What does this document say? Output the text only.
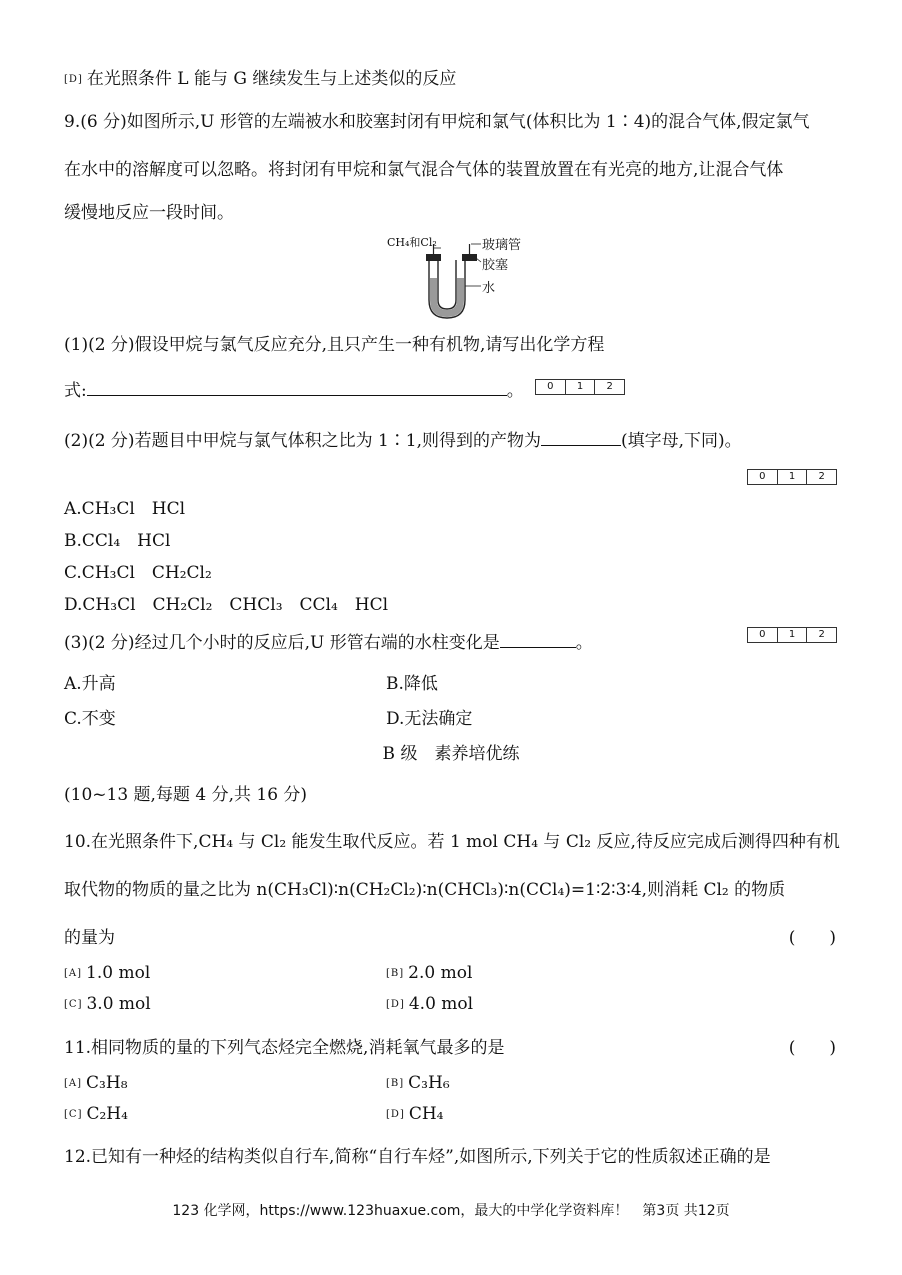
[D] 在光照条件 L 能与 G 继续发生与上述类似的反应
9.(6 分)如图所示,U 形管的左端被水和胶塞封闭有甲烷和氯气(体积比为 1∶4)的混合气体,假定氯气
在水中的溶解度可以忽略。将封闭有甲烷和氯气混合气体的装置放置在有光亮的地方,让混合气体
缓慢地反应一段时间。
CH₄和Cl₂	玻璃管
胶塞
水
(1)(2 分)假设甲烷与氯气反应充分,且只产生一种有机物,请写出化学方程
式:	。	0	1	2
(2)(2 分)若题目中甲烷与氯气体积之比为 1∶1,则得到的产物为	(填字母,下同)。
0	1	2
A.CH₃Cl　HCl
B.CCl₄　HCl
C.CH₃Cl　CH₂Cl₂
D.CH₃Cl　CH₂Cl₂　CHCl₃　CCl₄　HCl
(3)(2 分)经过几个小时的反应后,U 形管右端的水柱变化是	。	0	1	2
A.升高	B.降低
C.不变	D.无法确定
B 级　素养培优练
(10~13 题,每题 4 分,共 16 分)
10.在光照条件下,CH₄ 与 Cl₂ 能发生取代反应。若 1 mol CH₄ 与 Cl₂ 反应,待反应完成后测得四种有机
取代物的物质的量之比为 n(CH₃Cl)∶n(CH₂Cl₂)∶n(CHCl₃)∶n(CCl₄)=1∶2∶3∶4,则消耗 Cl₂ 的物质
的量为	(　　)
[A] 1.0 mol	[B] 2.0 mol
[C] 3.0 mol	[D] 4.0 mol
11.相同物质的量的下列气态烃完全燃烧,消耗氧气最多的是	(　　)
[A] C₃H₈	[B] C₃H₆
[C] C₂H₄	[D] CH₄
12.已知有一种烃的结构类似自行车,简称“自行车烃”,如图所示,下列关于它的性质叙述正确的是
123 化学网，https://www.123huaxue.com，最大的中学化学资料库！　第3页 共12页
